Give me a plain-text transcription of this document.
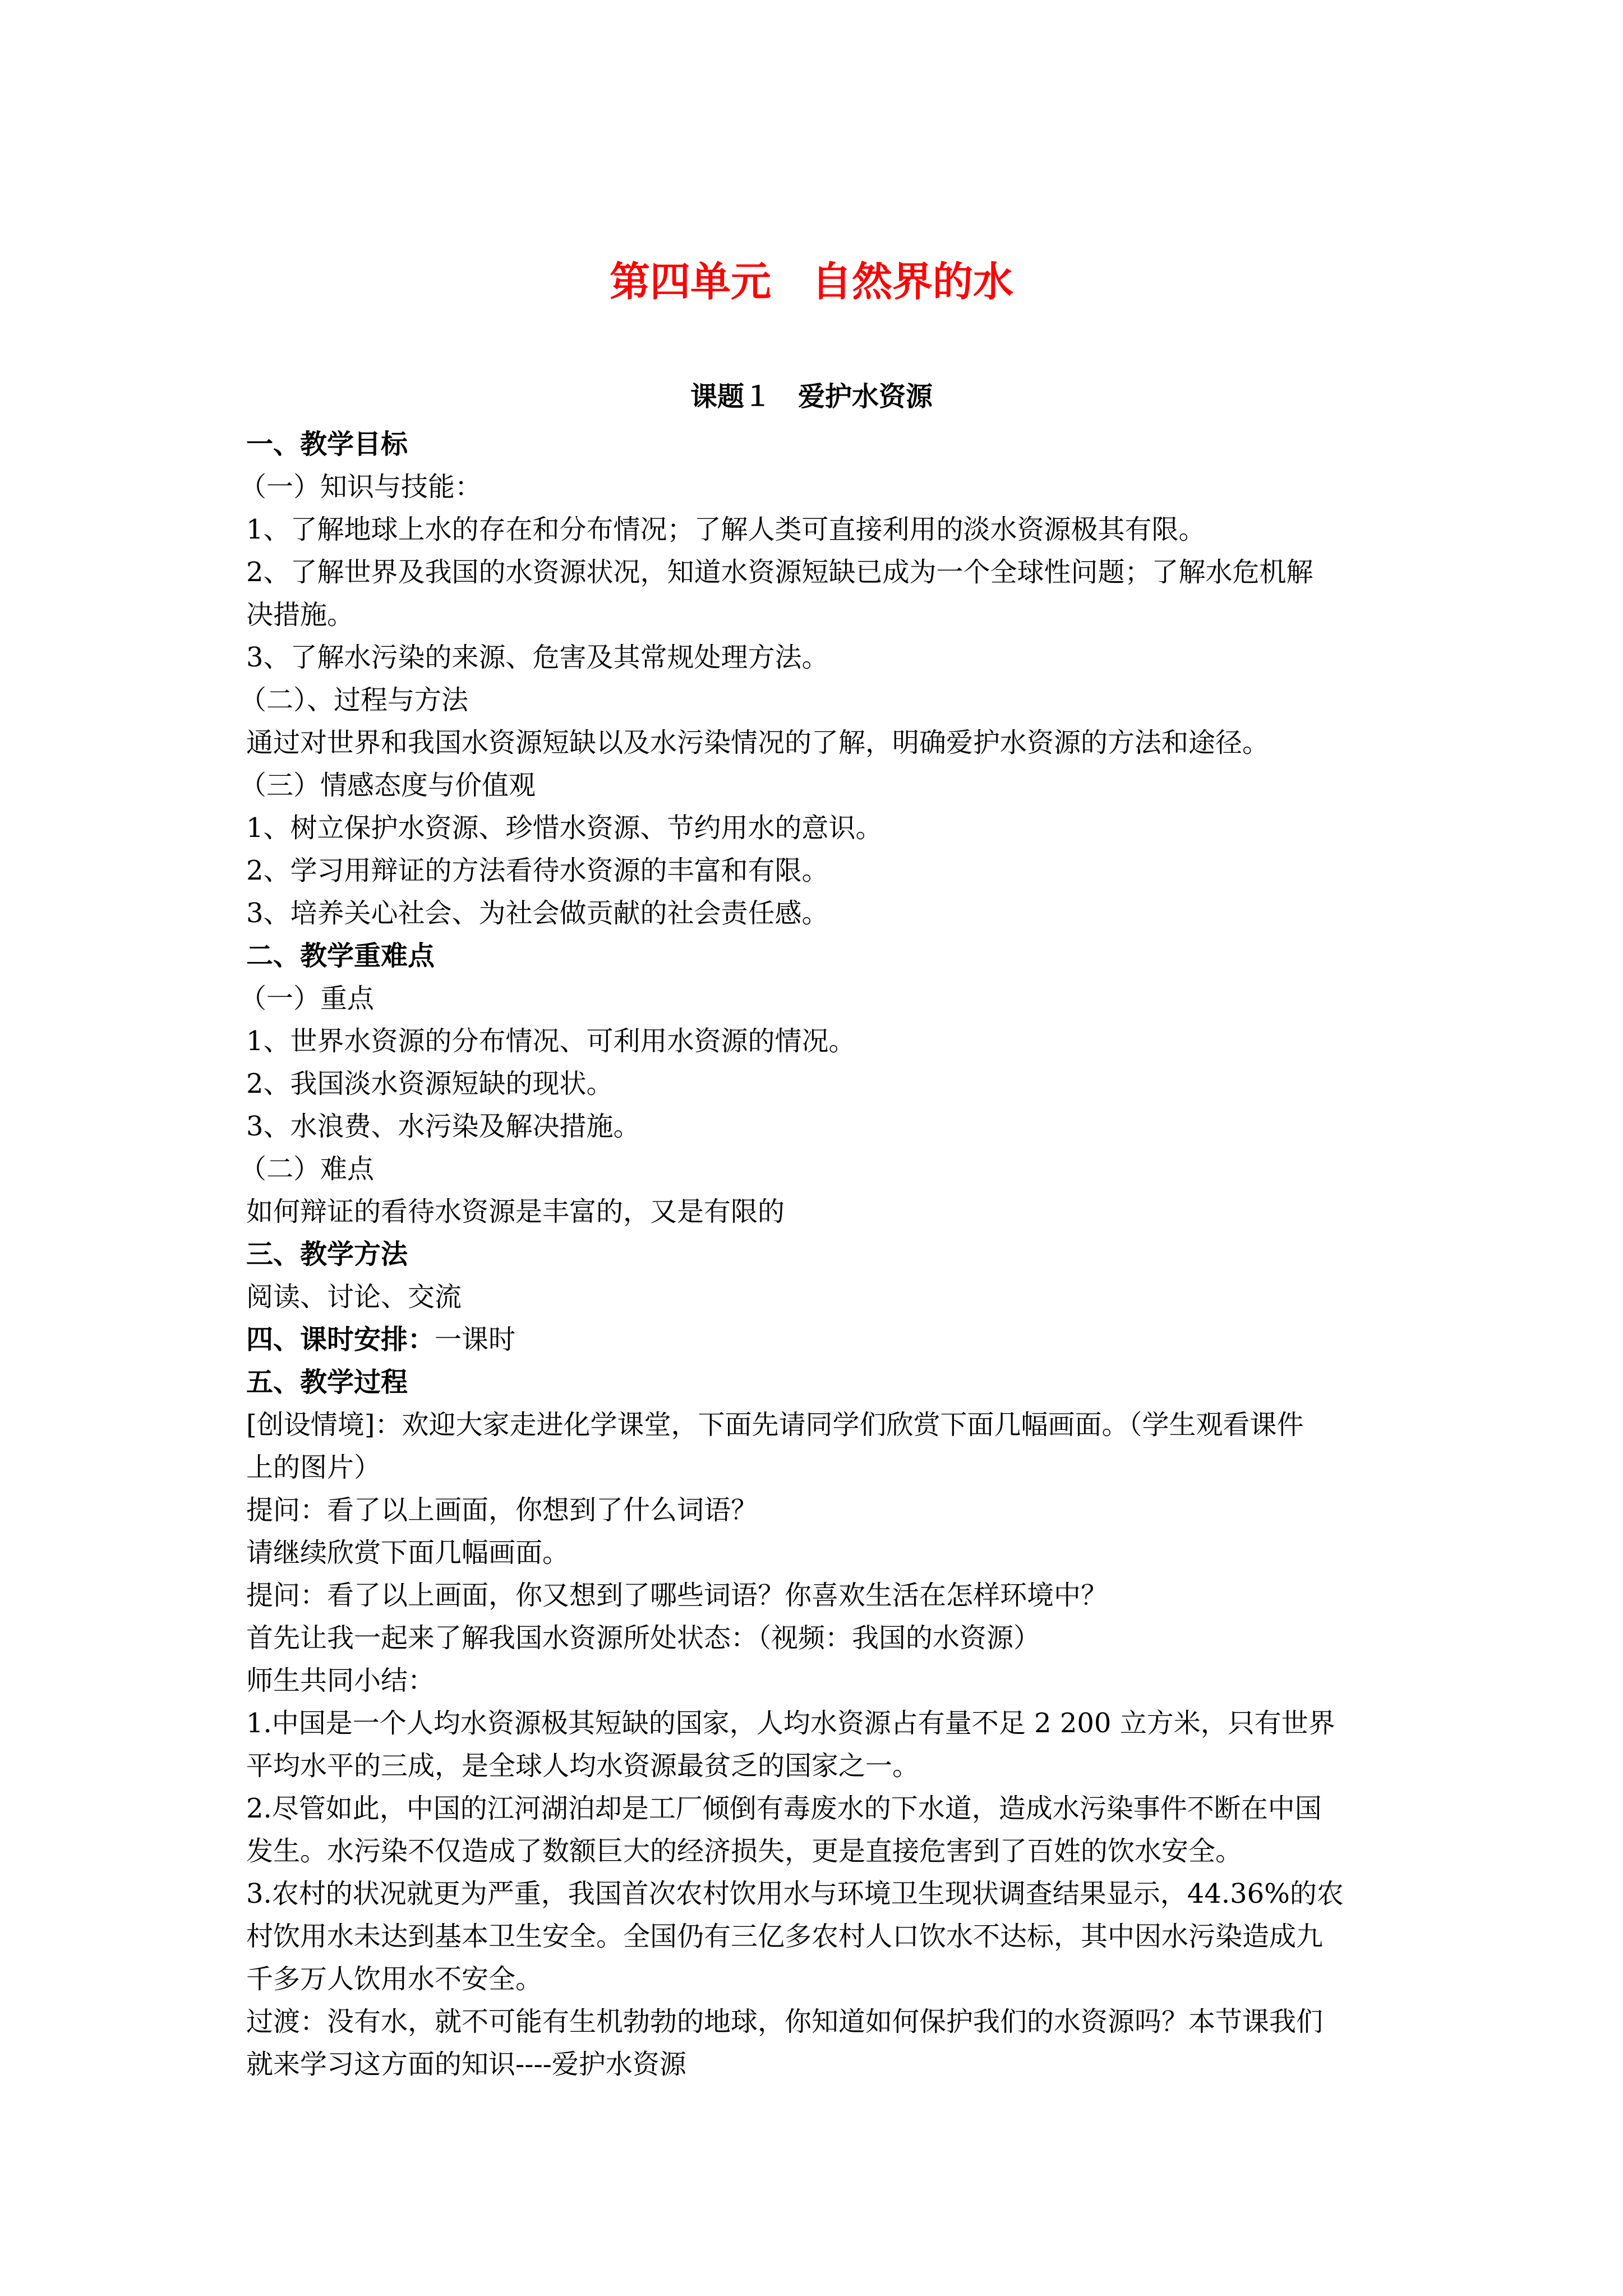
第四单元　自然界的水
课题１　爱护水资源
一、教学目标
（一）知识与技能：
1、了解地球上水的存在和分布情况；了解人类可直接利用的淡水资源极其有限。
2、了解世界及我国的水资源状况，知道水资源短缺已成为一个全球性问题；了解水危机解
决措施。
3、了解水污染的来源、危害及其常规处理方法。
（二）、过程与方法
通过对世界和我国水资源短缺以及水污染情况的了解，明确爱护水资源的方法和途径。
（三）情感态度与价值观
1、树立保护水资源、珍惜水资源、节约用水的意识。
2、学习用辩证的方法看待水资源的丰富和有限。
3、培养关心社会、为社会做贡献的社会责任感。
二、教学重难点
（一）重点
1、世界水资源的分布情况、可利用水资源的情况。
2、我国淡水资源短缺的现状。
3、水浪费、水污染及解决措施。
（二）难点
如何辩证的看待水资源是丰富的，又是有限的
三、教学方法
阅读、讨论、交流
四、课时安排：一课时
五、教学过程
[创设情境]：欢迎大家走进化学课堂，下面先请同学们欣赏下面几幅画面。（学生观看课件
上的图片）
提问：看了以上画面，你想到了什么词语？
请继续欣赏下面几幅画面。
提问：看了以上画面，你又想到了哪些词语？你喜欢生活在怎样环境中？
首先让我一起来了解我国水资源所处状态：（视频：我国的水资源）
师生共同小结：
1.中国是一个人均水资源极其短缺的国家，人均水资源占有量不足 2 200 立方米，只有世界
平均水平的三成，是全球人均水资源最贫乏的国家之一。
2.尽管如此，中国的江河湖泊却是工厂倾倒有毒废水的下水道，造成水污染事件不断在中国
发生。水污染不仅造成了数额巨大的经济损失，更是直接危害到了百姓的饮水安全。
3.农村的状况就更为严重，我国首次农村饮用水与环境卫生现状调查结果显示，44.36%的农
村饮用水未达到基本卫生安全。全国仍有三亿多农村人口饮水不达标，其中因水污染造成九
千多万人饮用水不安全。
过渡：没有水，就不可能有生机勃勃的地球，你知道如何保护我们的水资源吗？本节课我们
就来学习这方面的知识----爱护水资源
